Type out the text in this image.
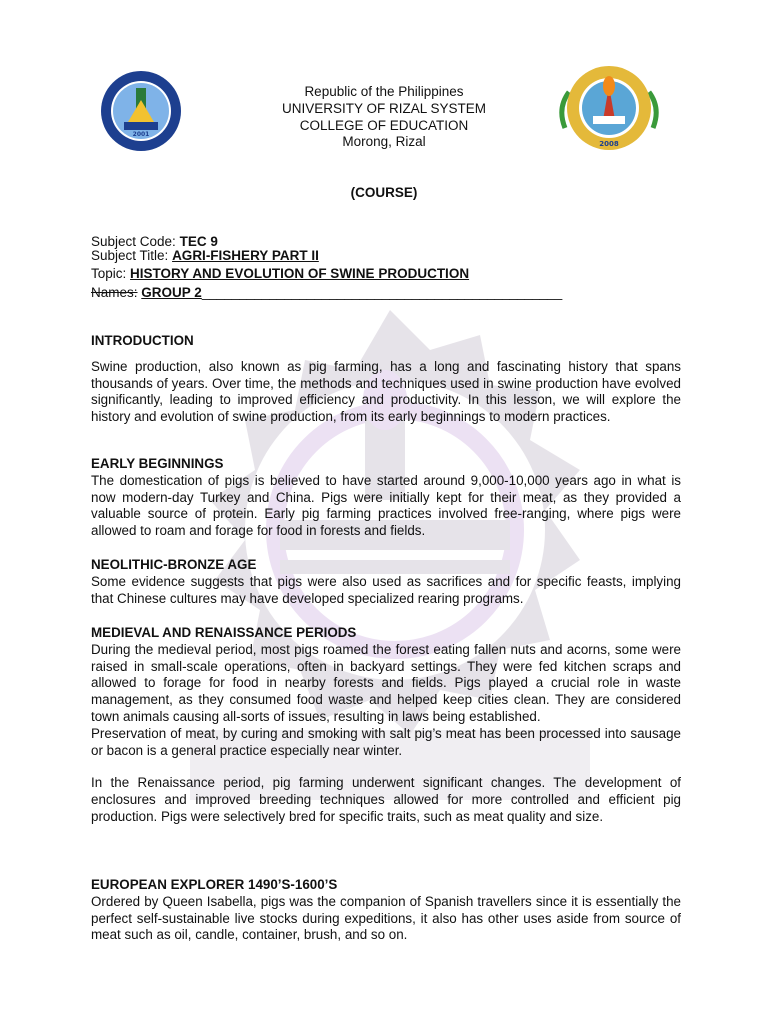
2001
2008
Republic of the Philippines
UNIVERSITY OF RIZAL SYSTEM
COLLEGE OF EDUCATION
Morong, Rizal
(COURSE)
Subject Code: TEC 9
Subject Title: AGRI-FISHERY PART II
Topic: HISTORY AND EVOLUTION OF SWINE PRODUCTION
Names: GROUP 2________________________________________________
INTRODUCTION

Swine production, also known as pig farming, has a long and fascinating history that spans thousands of years. Over time, the methods and techniques used in swine production have evolved significantly, leading to improved efficiency and productivity. In this lesson, we will explore the history and evolution of swine production, from its early beginnings to modern practices.

EARLY BEGINNINGS

The domestication of pigs is believed to have started around 9,000-10,000 years ago in what is now modern-day Turkey and China. Pigs were initially kept for their meat, as they provided a valuable source of protein. Early pig farming practices involved free-ranging, where pigs were allowed to roam and forage for food in forests and fields.

NEOLITHIC-BRONZE AGE

Some evidence suggests that pigs were also used as sacrifices and for specific feasts, implying that Chinese cultures may have developed specialized rearing programs.

MEDIEVAL AND RENAISSANCE PERIODS

During the medieval period, most pigs roamed the forest eating fallen nuts and acorns, some were raised in small-scale operations, often in backyard settings. They were fed kitchen scraps and allowed to forage for food in nearby forests and fields. Pigs played a crucial role in waste management, as they consumed food waste and helped keep cities clean. They are considered town animals causing all-sorts of issues, resulting in laws being established.

Preservation of meat, by curing and smoking with salt pig’s meat has been processed into sausage or bacon is a general practice especially near winter.

In the Renaissance period, pig farming underwent significant changes. The development of enclosures and improved breeding techniques allowed for more controlled and efficient pig production. Pigs were selectively bred for specific traits, such as meat quality and size.

EUROPEAN EXPLORER 1490’S-1600’S

Ordered by Queen Isabella, pigs was the companion of Spanish travellers since it is essentially the perfect self-sustainable live stocks during expeditions, it also has other uses aside from source of meat such as oil, candle, container, brush, and so on.
